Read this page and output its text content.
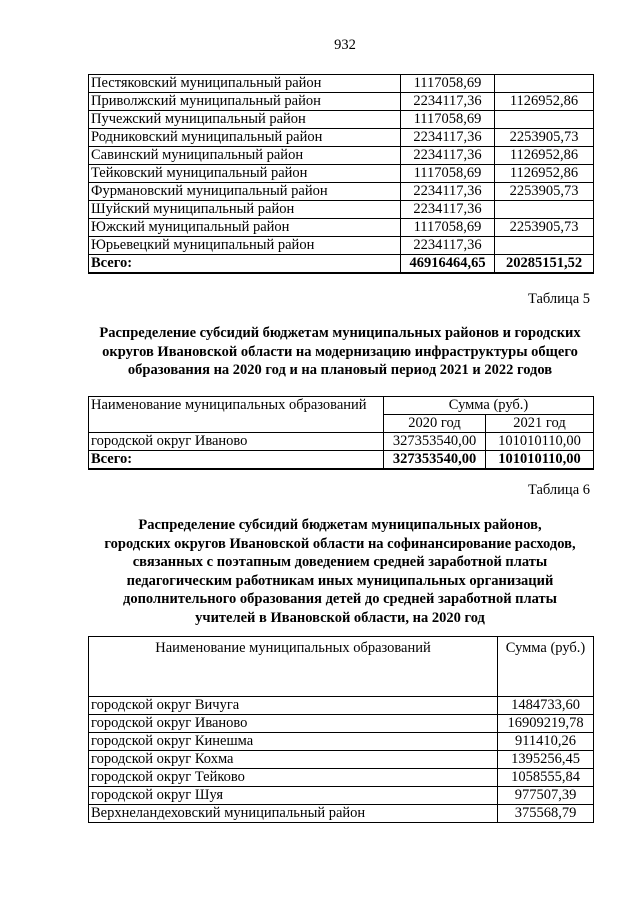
932
Пестяковский муниципальный район	1117058,69	
Приволжский муниципальный район	2234117,36	1126952,86
Пучежский муниципальный район	1117058,69	
Родниковский муниципальный район	2234117,36	2253905,73
Савинский муниципальный район	2234117,36	1126952,86
Тейковский муниципальный район	1117058,69	1126952,86
Фурмановский муниципальный район	2234117,36	2253905,73
Шуйский муниципальный район	2234117,36	
Южский муниципальный район	1117058,69	2253905,73
Юрьевецкий муниципальный район	2234117,36	
Всего:	46916464,65	20285151,52
Таблица 5
Распределение субсидий бюджетам муниципальных районов и городских
округов Ивановской области на модернизацию инфраструктуры общего
образования на 2020 год и на плановый период 2021 и 2022 годов
Наименование муниципальных образований	Сумма (руб.)	
	2020 год	2021 год
городской округ Иваново	327353540,00	101010110,00
Всего:	327353540,00	101010110,00
Таблица 6
Распределение субсидий бюджетам муниципальных районов,
городских округов Ивановской области на софинансирование расходов,
связанных с поэтапным доведением средней заработной платы
педагогическим работникам иных муниципальных организаций
дополнительного образования детей до средней заработной платы
учителей в Ивановской области, на 2020 год
Наименование муниципальных образований	Сумма (руб.)
городской округ Вичуга	1484733,60
городской округ Иваново	16909219,78
городской округ Кинешма	911410,26
городской округ Кохма	1395256,45
городской округ Тейково	1058555,84
городской округ Шуя	977507,39
Верхнеландеховский муниципальный район	375568,79
